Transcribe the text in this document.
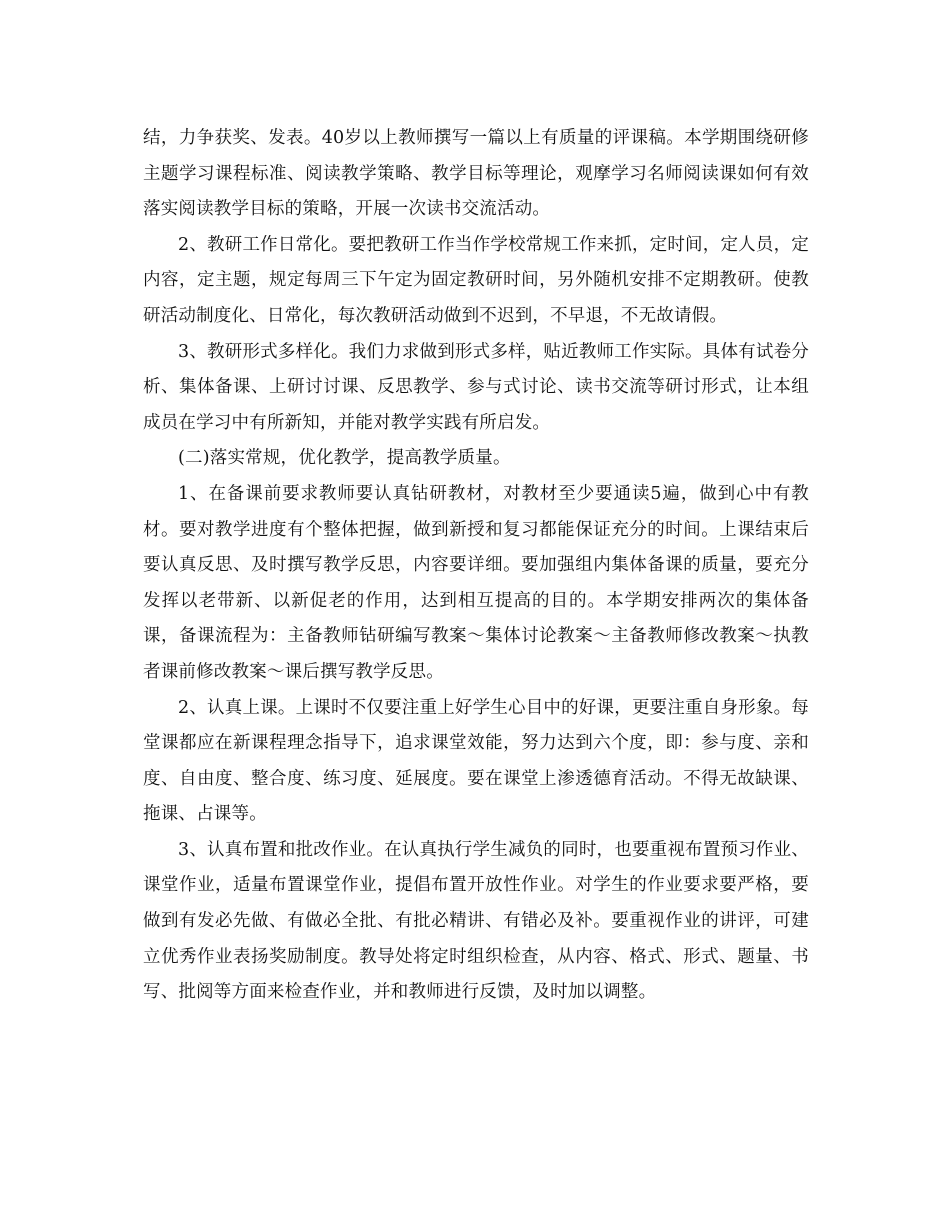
结，力争获奖、发表。40岁以上教师撰写一篇以上有质量的评课稿。本学期围绕研修主题学习课程标准、阅读教学策略、教学目标等理论，观摩学习名师阅读课如何有效落实阅读教学目标的策略，开展一次读书交流活动。

2、教研工作日常化。要把教研工作当作学校常规工作来抓，定时间，定人员，定内容，定主题，规定每周三下午定为固定教研时间，另外随机安排不定期教研。使教研活动制度化、日常化，每次教研活动做到不迟到，不早退，不无故请假。

3、教研形式多样化。我们力求做到形式多样，贴近教师工作实际。具体有试卷分析、集体备课、上研讨讨课、反思教学、参与式讨论、读书交流等研讨形式，让本组成员在学习中有所新知，并能对教学实践有所启发。

(二)落实常规，优化教学，提高教学质量。

1、在备课前要求教师要认真钻研教材，对教材至少要通读5遍，做到心中有教材。要对教学进度有个整体把握，做到新授和复习都能保证充分的时间。上课结束后要认真反思、及时撰写教学反思，内容要详细。要加强组内集体备课的质量，要充分发挥以老带新、以新促老的作用，达到相互提高的目的。本学期安排两次的集体备课，备课流程为：主备教师钻研编写教案～集体讨论教案～主备教师修改教案～执教者课前修改教案～课后撰写教学反思。

2、认真上课。上课时不仅要注重上好学生心目中的好课，更要注重自身形象。每堂课都应在新课程理念指导下，追求课堂效能，努力达到六个度，即：参与度、亲和度、自由度、整合度、练习度、延展度。要在课堂上渗透德育活动。不得无故缺课、拖课、占课等。

3、认真布置和批改作业。在认真执行学生减负的同时，也要重视布置预习作业、课堂作业，适量布置课堂作业，提倡布置开放性作业。对学生的作业要求要严格，要做到有发必先做、有做必全批、有批必精讲、有错必及补。要重视作业的讲评，可建立优秀作业表扬奖励制度。教导处将定时组织检查，从内容、格式、形式、题量、书写、批阅等方面来检查作业，并和教师进行反馈，及时加以调整。
